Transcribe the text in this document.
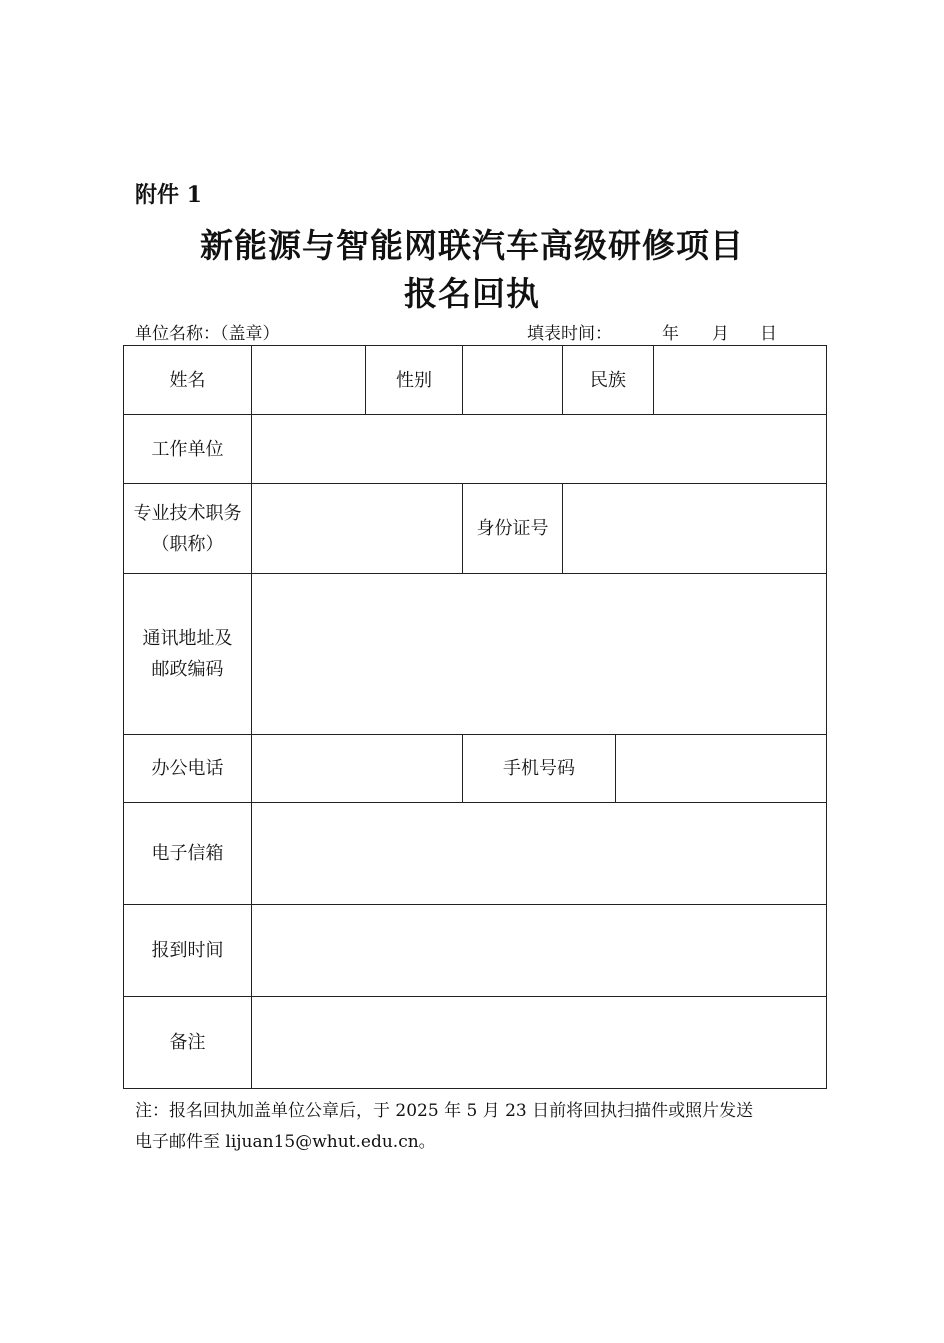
附件 1
新能源与智能网联汽车高级研修项目
报名回执
单位名称：（盖章）	填表时间：	年 月 日
姓名		性别		民族		
工作单位						

专业技术职务
（职称）			身份证号			

通讯地址及
邮政编码						

办公电话			手机号码			
电子信箱						
报到时间						
备注						
注：报名回执加盖单位公章后，于 2025 年 5 月 23 日前将回执扫描件或照片发送
电子邮件至 lijuan15@whut.edu.cn。
